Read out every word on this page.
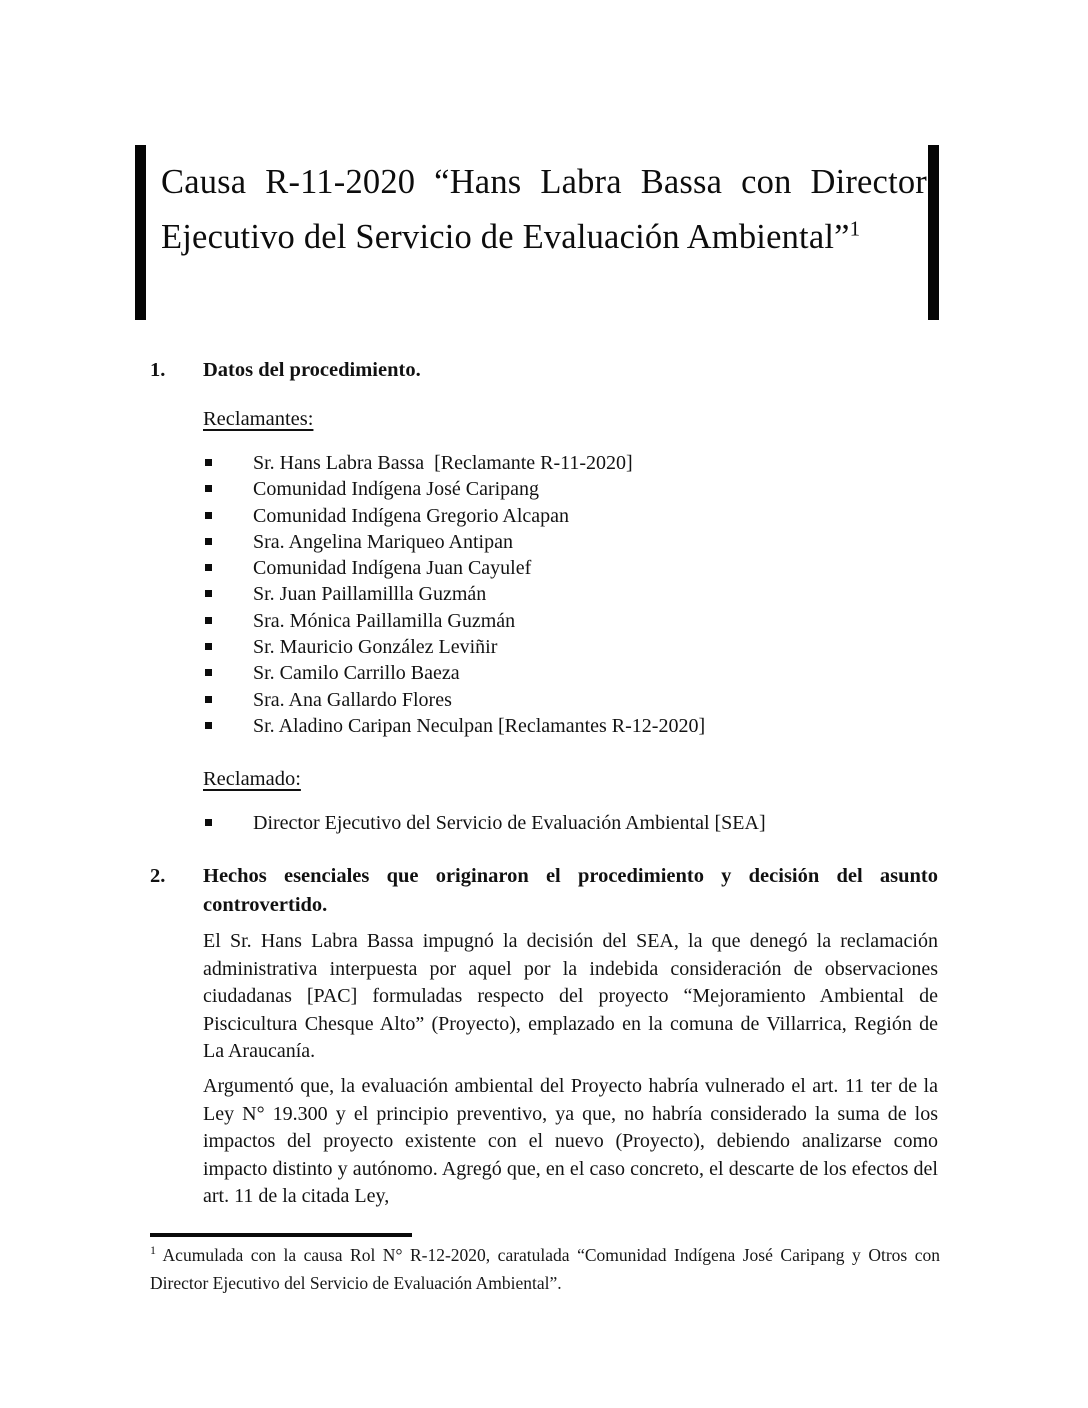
Causa R-11-2020 “Hans Labra Bassa con Director Ejecutivo del Servicio de Evaluación Ambiental”$^1$
1.	Datos del procedimiento.
Reclamantes:
Sr. Hans Labra Bassa  [Reclamante R-11-2020]
Comunidad Indígena José Caripang
Comunidad Indígena Gregorio Alcapan
Sra. Angelina Mariqueo Antipan
Comunidad Indígena Juan Cayulef
Sr. Juan Paillamillla Guzmán
Sra. Mónica Paillamilla Guzmán
Sr. Mauricio González Leviñir
Sr. Camilo Carrillo Baeza
Sra. Ana Gallardo Flores
Sr. Aladino Caripan Neculpan [Reclamantes R-12-2020]
Reclamado:
Director Ejecutivo del Servicio de Evaluación Ambiental [SEA]
2.	Hechos esenciales que originaron el procedimiento y decisión del asunto controvertido.

El Sr. Hans Labra Bassa impugnó la decisión del SEA, la que denegó la reclamación administrativa interpuesta por aquel por la indebida consideración de observaciones ciudadanas [PAC] formuladas respecto del proyecto “Mejoramiento Ambiental de Piscicultura Chesque Alto” (Proyecto), emplazado en la comuna de Villarrica, Región de La Araucanía.

Argumentó que, la evaluación ambiental del Proyecto habría vulnerado el art. 11 ter de la Ley N° 19.300 y el principio preventivo, ya que, no habría considerado la suma de los impactos del proyecto existente con el nuevo (Proyecto), debiendo analizarse como impacto distinto y autónomo. Agregó que, en el caso concreto, el descarte de los efectos del art. 11 de la citada Ley,

$^1$ Acumulada con la causa Rol N° R-12-2020, caratulada “Comunidad Indígena José Caripang y Otros con Director Ejecutivo del Servicio de Evaluación Ambiental”.
